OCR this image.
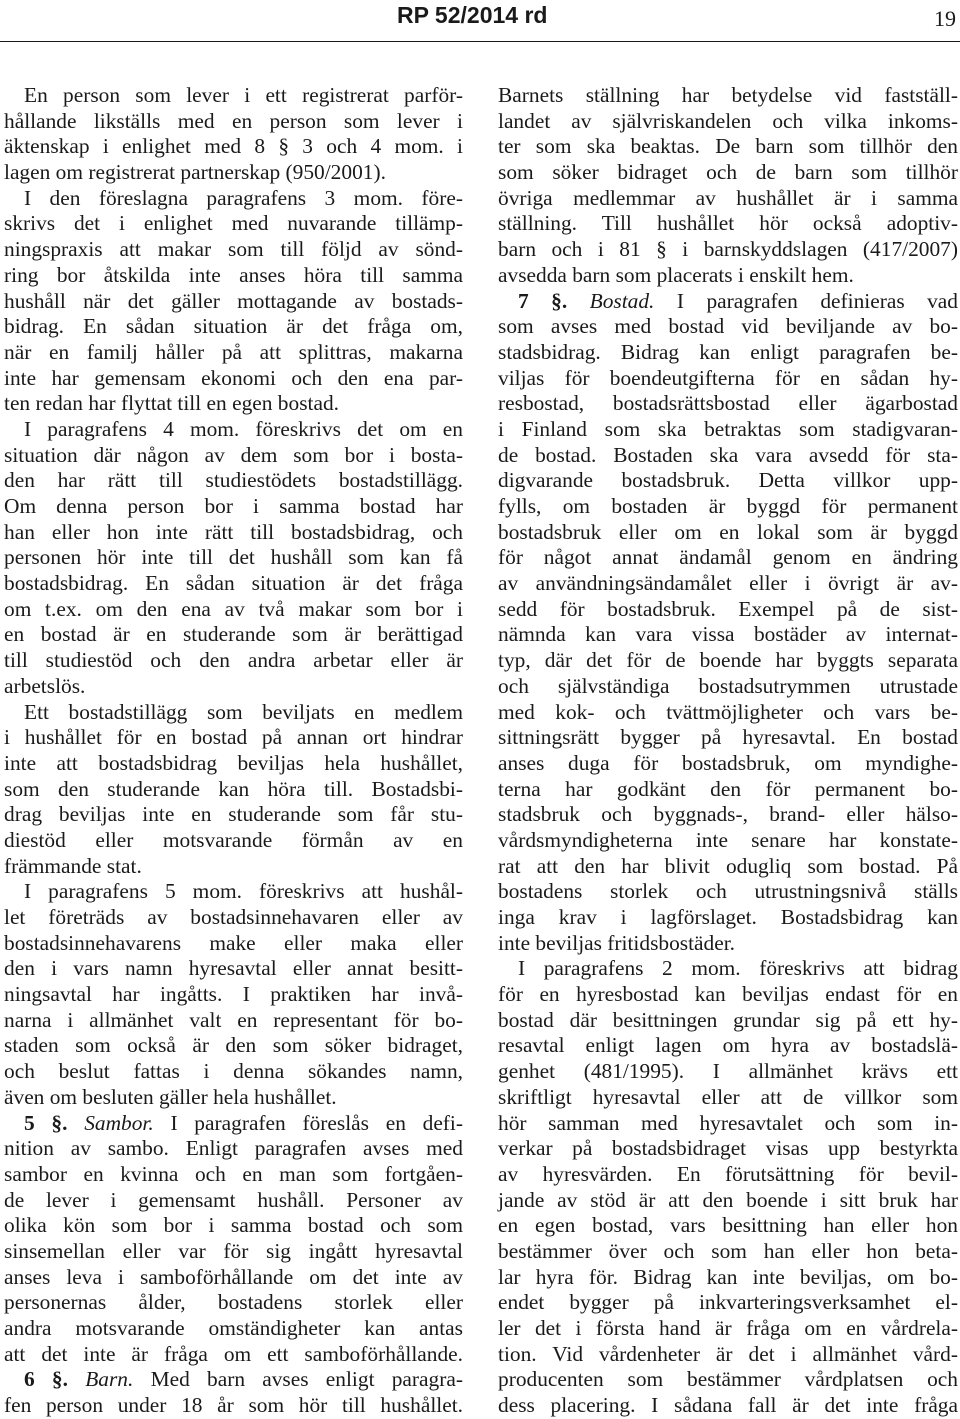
RP 52/2014 rd	19
En person som lever i ett registrerat parför-
hållande likställs med en person som lever i
äktenskap i enlighet med 8 § 3 och 4 mom. i
lagen om registrerat partnerskap (950/2001).
I den föreslagna paragrafens 3 mom. före-
skrivs det i enlighet med nuvarande tillämp-
ningspraxis att makar som till följd av sönd-
ring bor åtskilda inte anses höra till samma
hushåll när det gäller mottagande av bostads-
bidrag. En sådan situation är det fråga om,
när en familj håller på att splittras, makarna
inte har gemensam ekonomi och den ena par-
ten redan har flyttat till en egen bostad.
I paragrafens 4 mom. föreskrivs det om en
situation där någon av dem som bor i bosta-
den har rätt till studiestödets bostadstillägg.
Om denna person bor i samma bostad har
han eller hon inte rätt till bostadsbidrag, och
personen hör inte till det hushåll som kan få
bostadsbidrag. En sådan situation är det fråga
om t.ex. om den ena av två makar som bor i
en bostad är en studerande som är berättigad
till studiestöd och den andra arbetar eller är
arbetslös.
Ett bostadstillägg som beviljats en medlem
i hushållet för en bostad på annan ort hindrar
inte att bostadsbidrag beviljas hela hushållet,
som den studerande kan höra till. Bostadsbi-
drag beviljas inte en studerande som får stu-
diestöd eller motsvarande förmån av en
främmande stat.
I paragrafens 5 mom. föreskrivs att hushål-
let företräds av bostadsinnehavaren eller av
bostadsinnehavarens make eller maka eller
den i vars namn hyresavtal eller annat besitt-
ningsavtal har ingåtts. I praktiken har invå-
narna i allmänhet valt en representant för bo-
staden som också är den som söker bidraget,
och beslut fattas i denna sökandes namn,
även om besluten gäller hela hushållet.
5 §. Sambor. I paragrafen föreslås en defi-
nition av sambo. Enligt paragrafen avses med
sambor en kvinna och en man som fortgåen-
de lever i gemensamt hushåll. Personer av
olika kön som bor i samma bostad och som
sinsemellan eller var för sig ingått hyresavtal
anses leva i samboförhållande om det inte av
personernas ålder, bostadens storlek eller
andra motsvarande omständigheter kan antas
att det inte är fråga om ett samboförhållande.
6 §. Barn. Med barn avses enligt paragra-
fen person under 18 år som hör till hushållet.
Barnets ställning har betydelse vid fastställ-
landet av självriskandelen och vilka inkoms-
ter som ska beaktas. De barn som tillhör den
som söker bidraget och de barn som tillhör
övriga medlemmar av hushållet är i samma
ställning. Till hushållet hör också adoptiv-
barn och i 81 § i barnskyddslagen (417/2007)
avsedda barn som placerats i enskilt hem.
7 §. Bostad. I paragrafen definieras vad
som avses med bostad vid beviljande av bo-
stadsbidrag. Bidrag kan enligt paragrafen be-
viljas för boendeutgifterna för en sådan hy-
resbostad, bostadsrättsbostad eller ägarbostad
i Finland som ska betraktas som stadigvaran-
de bostad. Bostaden ska vara avsedd för sta-
digvarande bostadsbruk. Detta villkor upp-
fylls, om bostaden är byggd för permanent
bostadsbruk eller om en lokal som är byggd
för något annat ändamål genom en ändring
av användningsändamålet eller i övrigt är av-
sedd för bostadsbruk. Exempel på de sist-
nämnda kan vara vissa bostäder av internat-
typ, där det för de boende har byggts separata
och självständiga bostadsutrymmen utrustade
med kok- och tvättmöjligheter och vars be-
sittningsrätt bygger på hyresavtal. En bostad
anses duga för bostadsbruk, om myndighe-
terna har godkänt den för permanent bo-
stadsbruk och byggnads-, brand- eller hälso-
vårdsmyndigheterna inte senare har konstate-
rat att den har blivit odugliq som bostad. På
bostadens storlek och utrustningsnivå ställs
inga krav i lagförslaget. Bostadsbidrag kan
inte beviljas fritidsbostäder.
I paragrafens 2 mom. föreskrivs att bidrag
för en hyresbostad kan beviljas endast för en
bostad där besittningen grundar sig på ett hy-
resavtal enligt lagen om hyra av bostadslä-
genhet (481/1995). I allmänhet krävs ett
skriftligt hyresavtal eller att de villkor som
hör samman med hyresavtalet och som in-
verkar på bostadsbidraget visas upp bestyrkta
av hyresvärden. En förutsättning för bevil-
jande av stöd är att den boende i sitt bruk har
en egen bostad, vars besittning han eller hon
bestämmer över och som han eller hon beta-
lar hyra för. Bidrag kan inte beviljas, om bo-
endet bygger på inkvarteringsverksamhet el-
ler det i första hand är fråga om en vårdrela-
tion. Vid vårdenheter är det i allmänhet vård-
producenten som bestämmer vårdplatsen och
dess placering. I sådana fall är det inte fråga
